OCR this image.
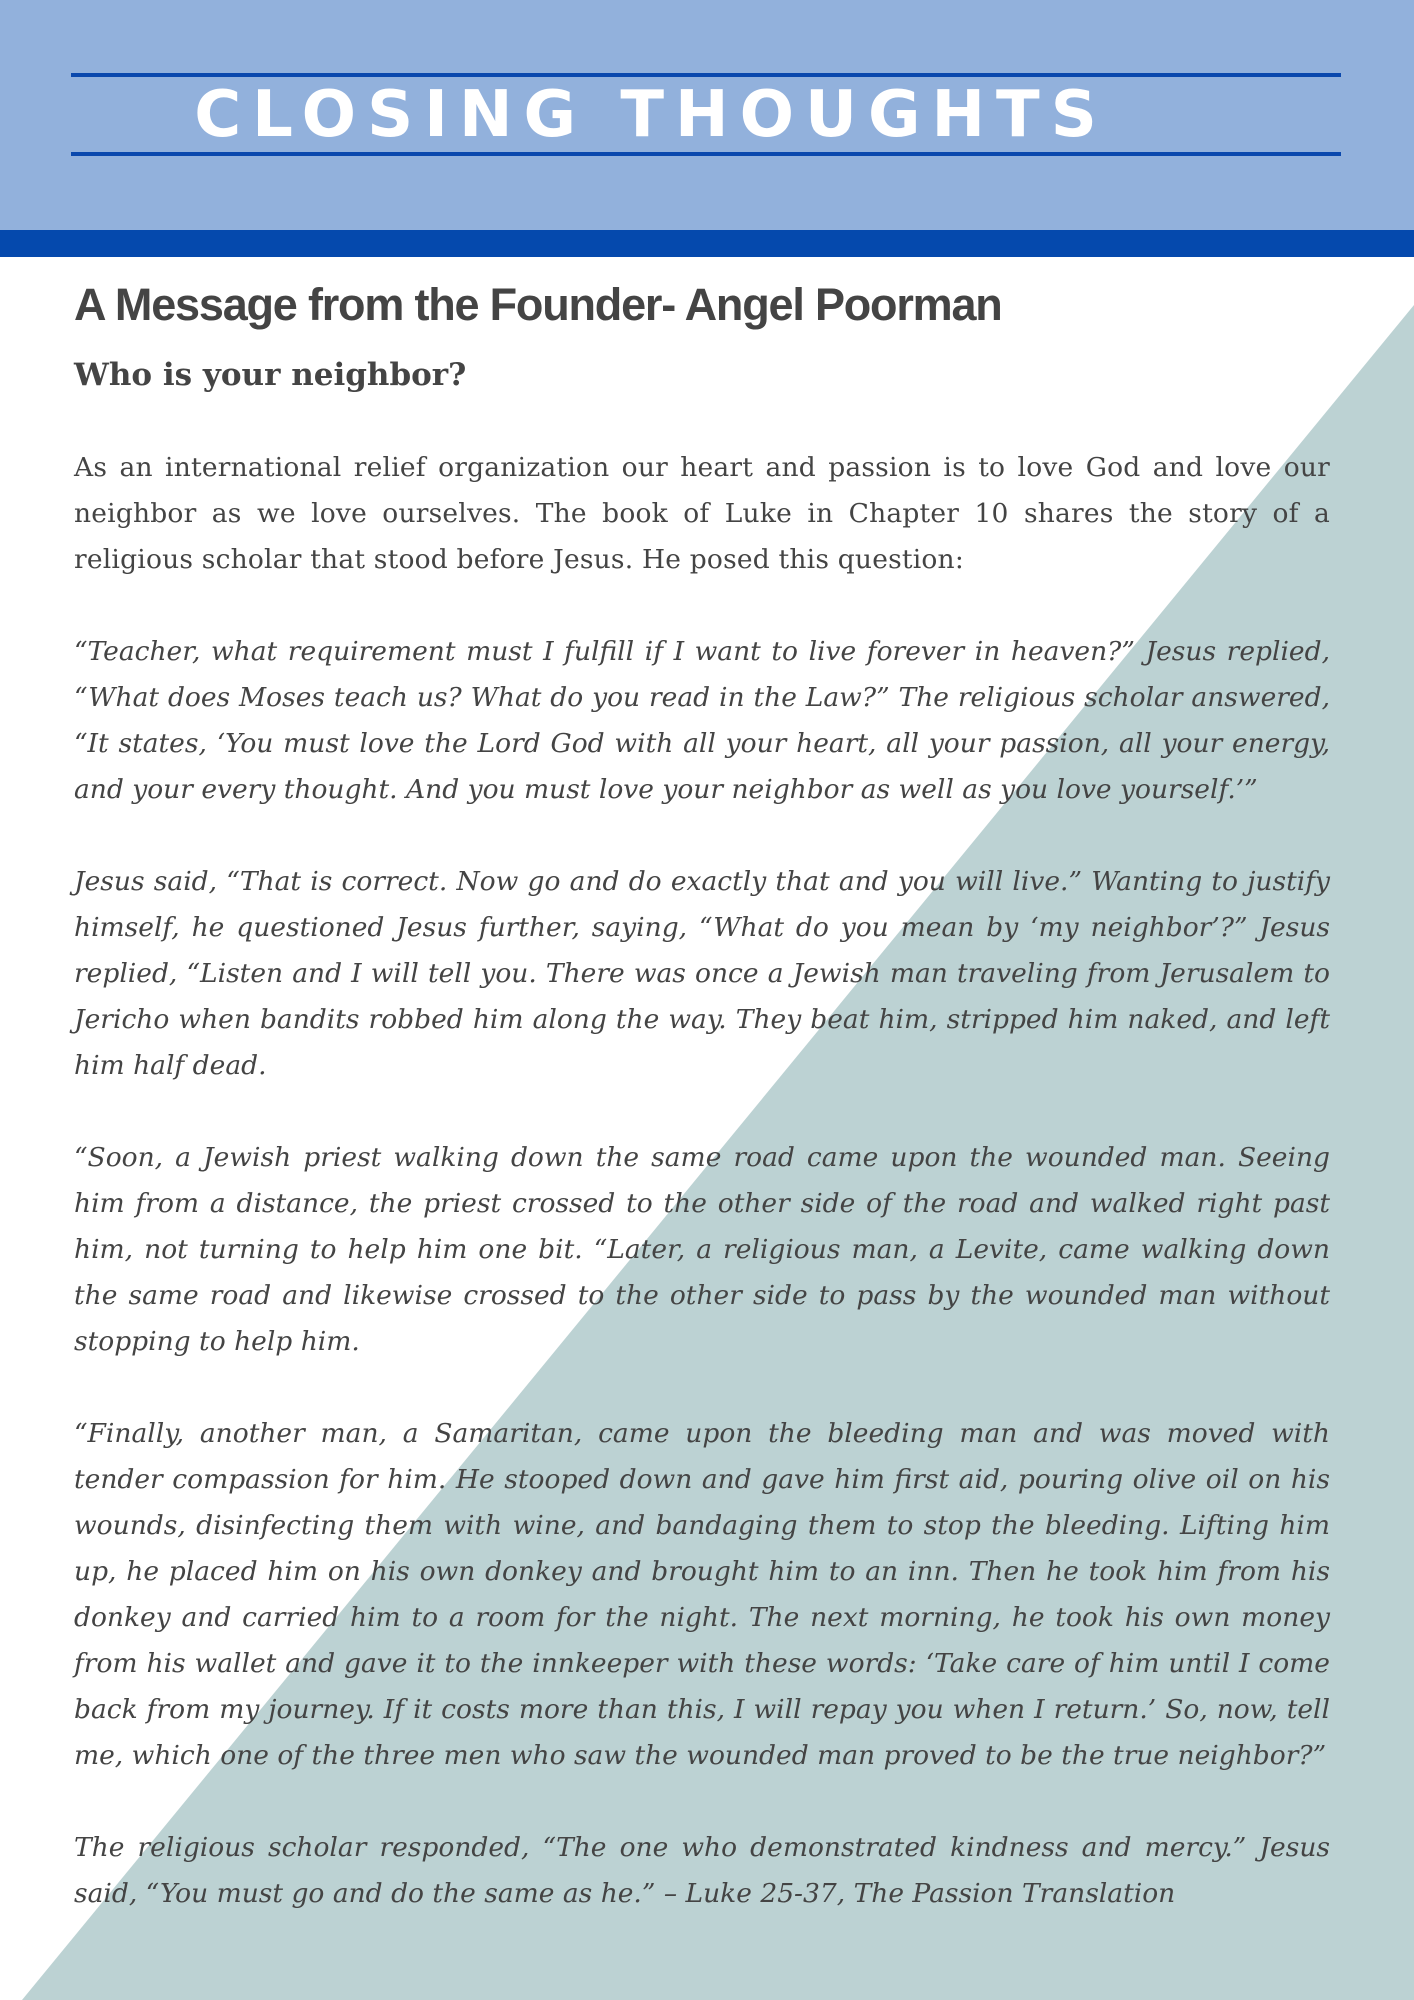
CLOSING THOUGHTS
A Message from the Founder- Angel Poorman
Who is your neighbor?

As an international relief organization our heart and passion is to love God and love our neighbor as we love ourselves. The book of Luke in Chapter 10 shares the story of a religious scholar that stood before Jesus. He posed this question:

“Teacher, what requirement must I fulfill if I want to live forever in heaven?” Jesus replied, “What does Moses teach us? What do you read in the Law?” The religious scholar answered, “It states, ‘You must love the Lord God with all your heart, all your passion, all your energy, and your every thought. And you must love your neighbor as well as you love yourself.’”

Jesus said, “That is correct. Now go and do exactly that and you will live.” Wanting to justify himself, he questioned Jesus further, saying, “What do you mean by ‘my neighbor’?” Jesus replied, “Listen and I will tell you. There was once a Jewish man traveling from Jerusalem to Jericho when bandits robbed him along the way. They beat him, stripped him naked, and left him half dead.

“Soon, a Jewish priest walking down the same road came upon the wounded man. Seeing him from a distance, the priest crossed to the other side of the road and walked right past him, not turning to help him one bit. “Later, a religious man, a Levite, came walking down the same road and likewise crossed to the other side to pass by the wounded man without stopping to help him.

“Finally, another man, a Samaritan, came upon the bleeding man and was moved with tender compassion for him. He stooped down and gave him first aid, pouring olive oil on his wounds, disinfecting them with wine, and bandaging them to stop the bleeding. Lifting him up, he placed him on his own donkey and brought him to an inn. Then he took him from his donkey and carried him to a room for the night. The next morning, he took his own money from his wallet and gave it to the innkeeper with these words: ‘Take care of him until I come back from my journey. If it costs more than this, I will repay you when I return.’ So, now, tell me, which one of the three men who saw the wounded man proved to be the true neighbor?”

The religious scholar responded, “The one who demonstrated kindness and mercy.” Jesus said, “You must go and do the same as he.” – Luke 25-37, The Passion Translation
